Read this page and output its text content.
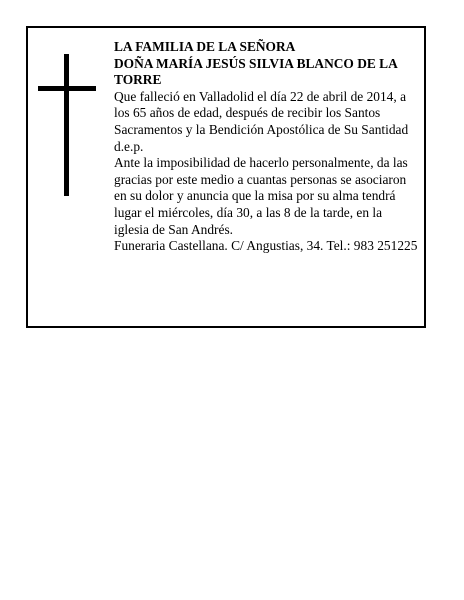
LA FAMILIA DE LA SEÑORA

DOÑA MARÍA JESÚS SILVIA BLANCO DE LA TORRE

Que falleció en Valladolid el día 22 de abril de 2014, a los 65 años de edad, después de recibir los Santos Sacramentos y la Bendición Apostólica de Su Santidad d.e.p.

Ante la imposibilidad de hacerlo personalmente, da las gracias por este medio a cuantas personas se asociaron en su dolor y anuncia que la misa por su alma tendrá lugar el miércoles, día 30, a las 8 de la tarde, en la iglesia de San Andrés.

Funeraria Castellana. C/ Angustias, 34. Tel.: 983 251225
